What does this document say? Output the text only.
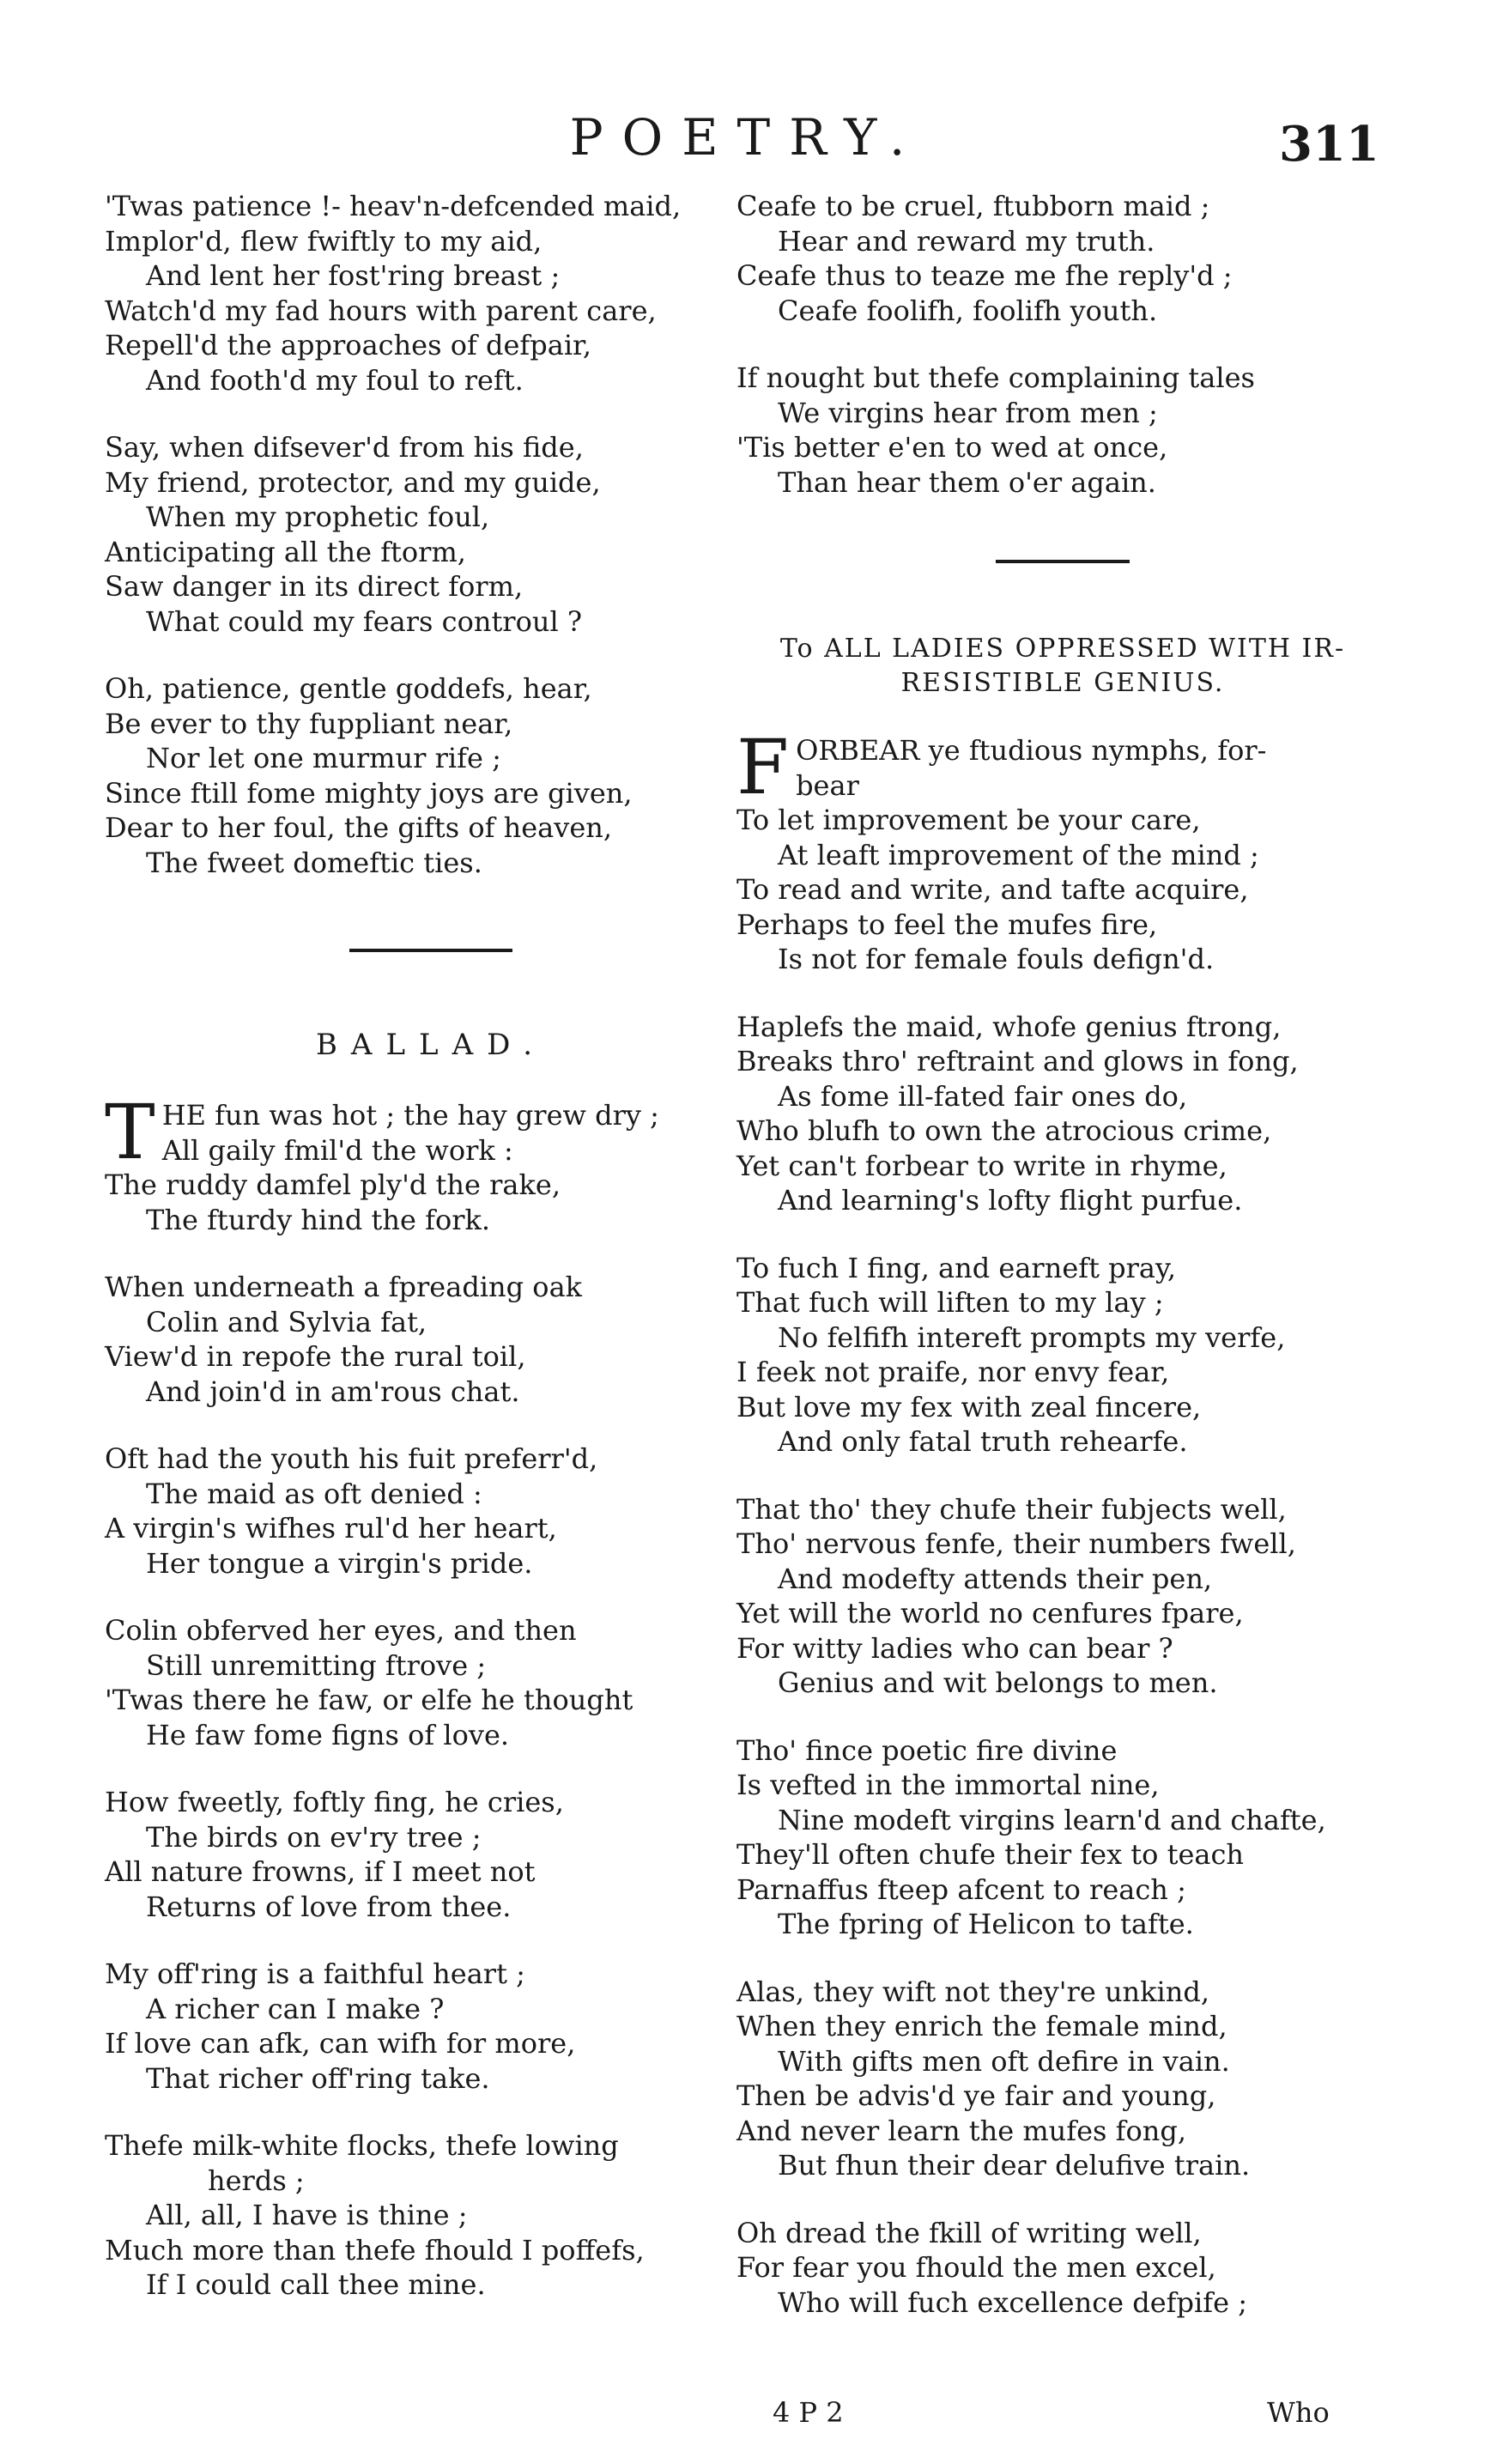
POETRY.	311
'Twas patience !- heav'n-defcended maid,
Implor'd, flew fwiftly to my aid,
And lent her fost'ring breast ;
Watch'd my fad hours with parent care,
Repell'd the approaches of defpair,
And footh'd my foul to reft.
Say, when difsever'd from his fide,
My friend, protector, and my guide,
When my prophetic foul,
Anticipating all the ftorm,
Saw danger in its direct form,
What could my fears controul ?
Oh, patience, gentle goddefs, hear,
Be ever to thy fuppliant near,
Nor let one murmur rife ;
Since ftill fome mighty joys are given,
Dear to her foul, the gifts of heaven,
The fweet domeftic ties.
BALLAD.
T HE fun was hot ; the hay grew dry ;
All gaily fmil'd the work :
The ruddy damfel ply'd the rake,
The fturdy hind the fork.
When underneath a fpreading oak
Colin and Sylvia fat,
View'd in repofe the rural toil,
And join'd in am'rous chat.
Oft had the youth his fuit preferr'd,
The maid as oft denied :
A virgin's wifhes rul'd her heart,
Her tongue a virgin's pride.
Colin obferved her eyes, and then
Still unremitting ftrove ;
'Twas there he faw, or elfe he thought
He faw fome figns of love.
How fweetly, foftly fing, he cries,
The birds on ev'ry tree ;
All nature frowns, if I meet not
Returns of love from thee.
My off'ring is a faithful heart ;
A richer can I make ?
If love can afk, can wifh for more,
That richer off'ring take.
Thefe milk-white flocks, thefe lowing
herds ;
All, all, I have is thine ;
Much more than thefe fhould I poffefs,
If I could call thee mine.
Ceafe to be cruel, ftubborn maid ;
Hear and reward my truth.
Ceafe thus to teaze me fhe reply'd ;
Ceafe foolifh, foolifh youth.
If nought but thefe complaining tales
We virgins hear from men ;
'Tis better e'en to wed at once,
Than hear them o'er again.
To ALL LADIES OPPRESSED WITH IR-
RESISTIBLE GENIUS.
F ORBEAR ye ftudious nymphs, for-
bear
To let improvement be your care,
At leaft improvement of the mind ;
To read and write, and tafte acquire,
Perhaps to feel the mufes fire,
Is not for female fouls defign'd.
Haplefs the maid, whofe genius ftrong,
Breaks thro' reftraint and glows in fong,
As fome ill-fated fair ones do,
Who blufh to own the atrocious crime,
Yet can't forbear to write in rhyme,
And learning's lofty flight purfue.
To fuch I fing, and earneft pray,
That fuch will liften to my lay ;
No felfifh intereft prompts my verfe,
I feek not praife, nor envy fear,
But love my fex with zeal fincere,
And only fatal truth rehearfe.
That tho' they chufe their fubjects well,
Tho' nervous fenfe, their numbers fwell,
And modefty attends their pen,
Yet will the world no cenfures fpare,
For witty ladies who can bear ?
Genius and wit belongs to men.
Tho' fince poetic fire divine
Is vefted in the immortal nine,
Nine modeft virgins learn'd and chafte,
They'll often chufe their fex to teach
Parnaffus fteep afcent to reach ;
The fpring of Helicon to tafte.
Alas, they wift not they're unkind,
When they enrich the female mind,
With gifts men oft defire in vain.
Then be advis'd ye fair and young,
And never learn the mufes fong,
But fhun their dear delufive train.
Oh dread the fkill of writing well,
For fear you fhould the men excel,
Who will fuch excellence defpife ;
4 P 2	Who
